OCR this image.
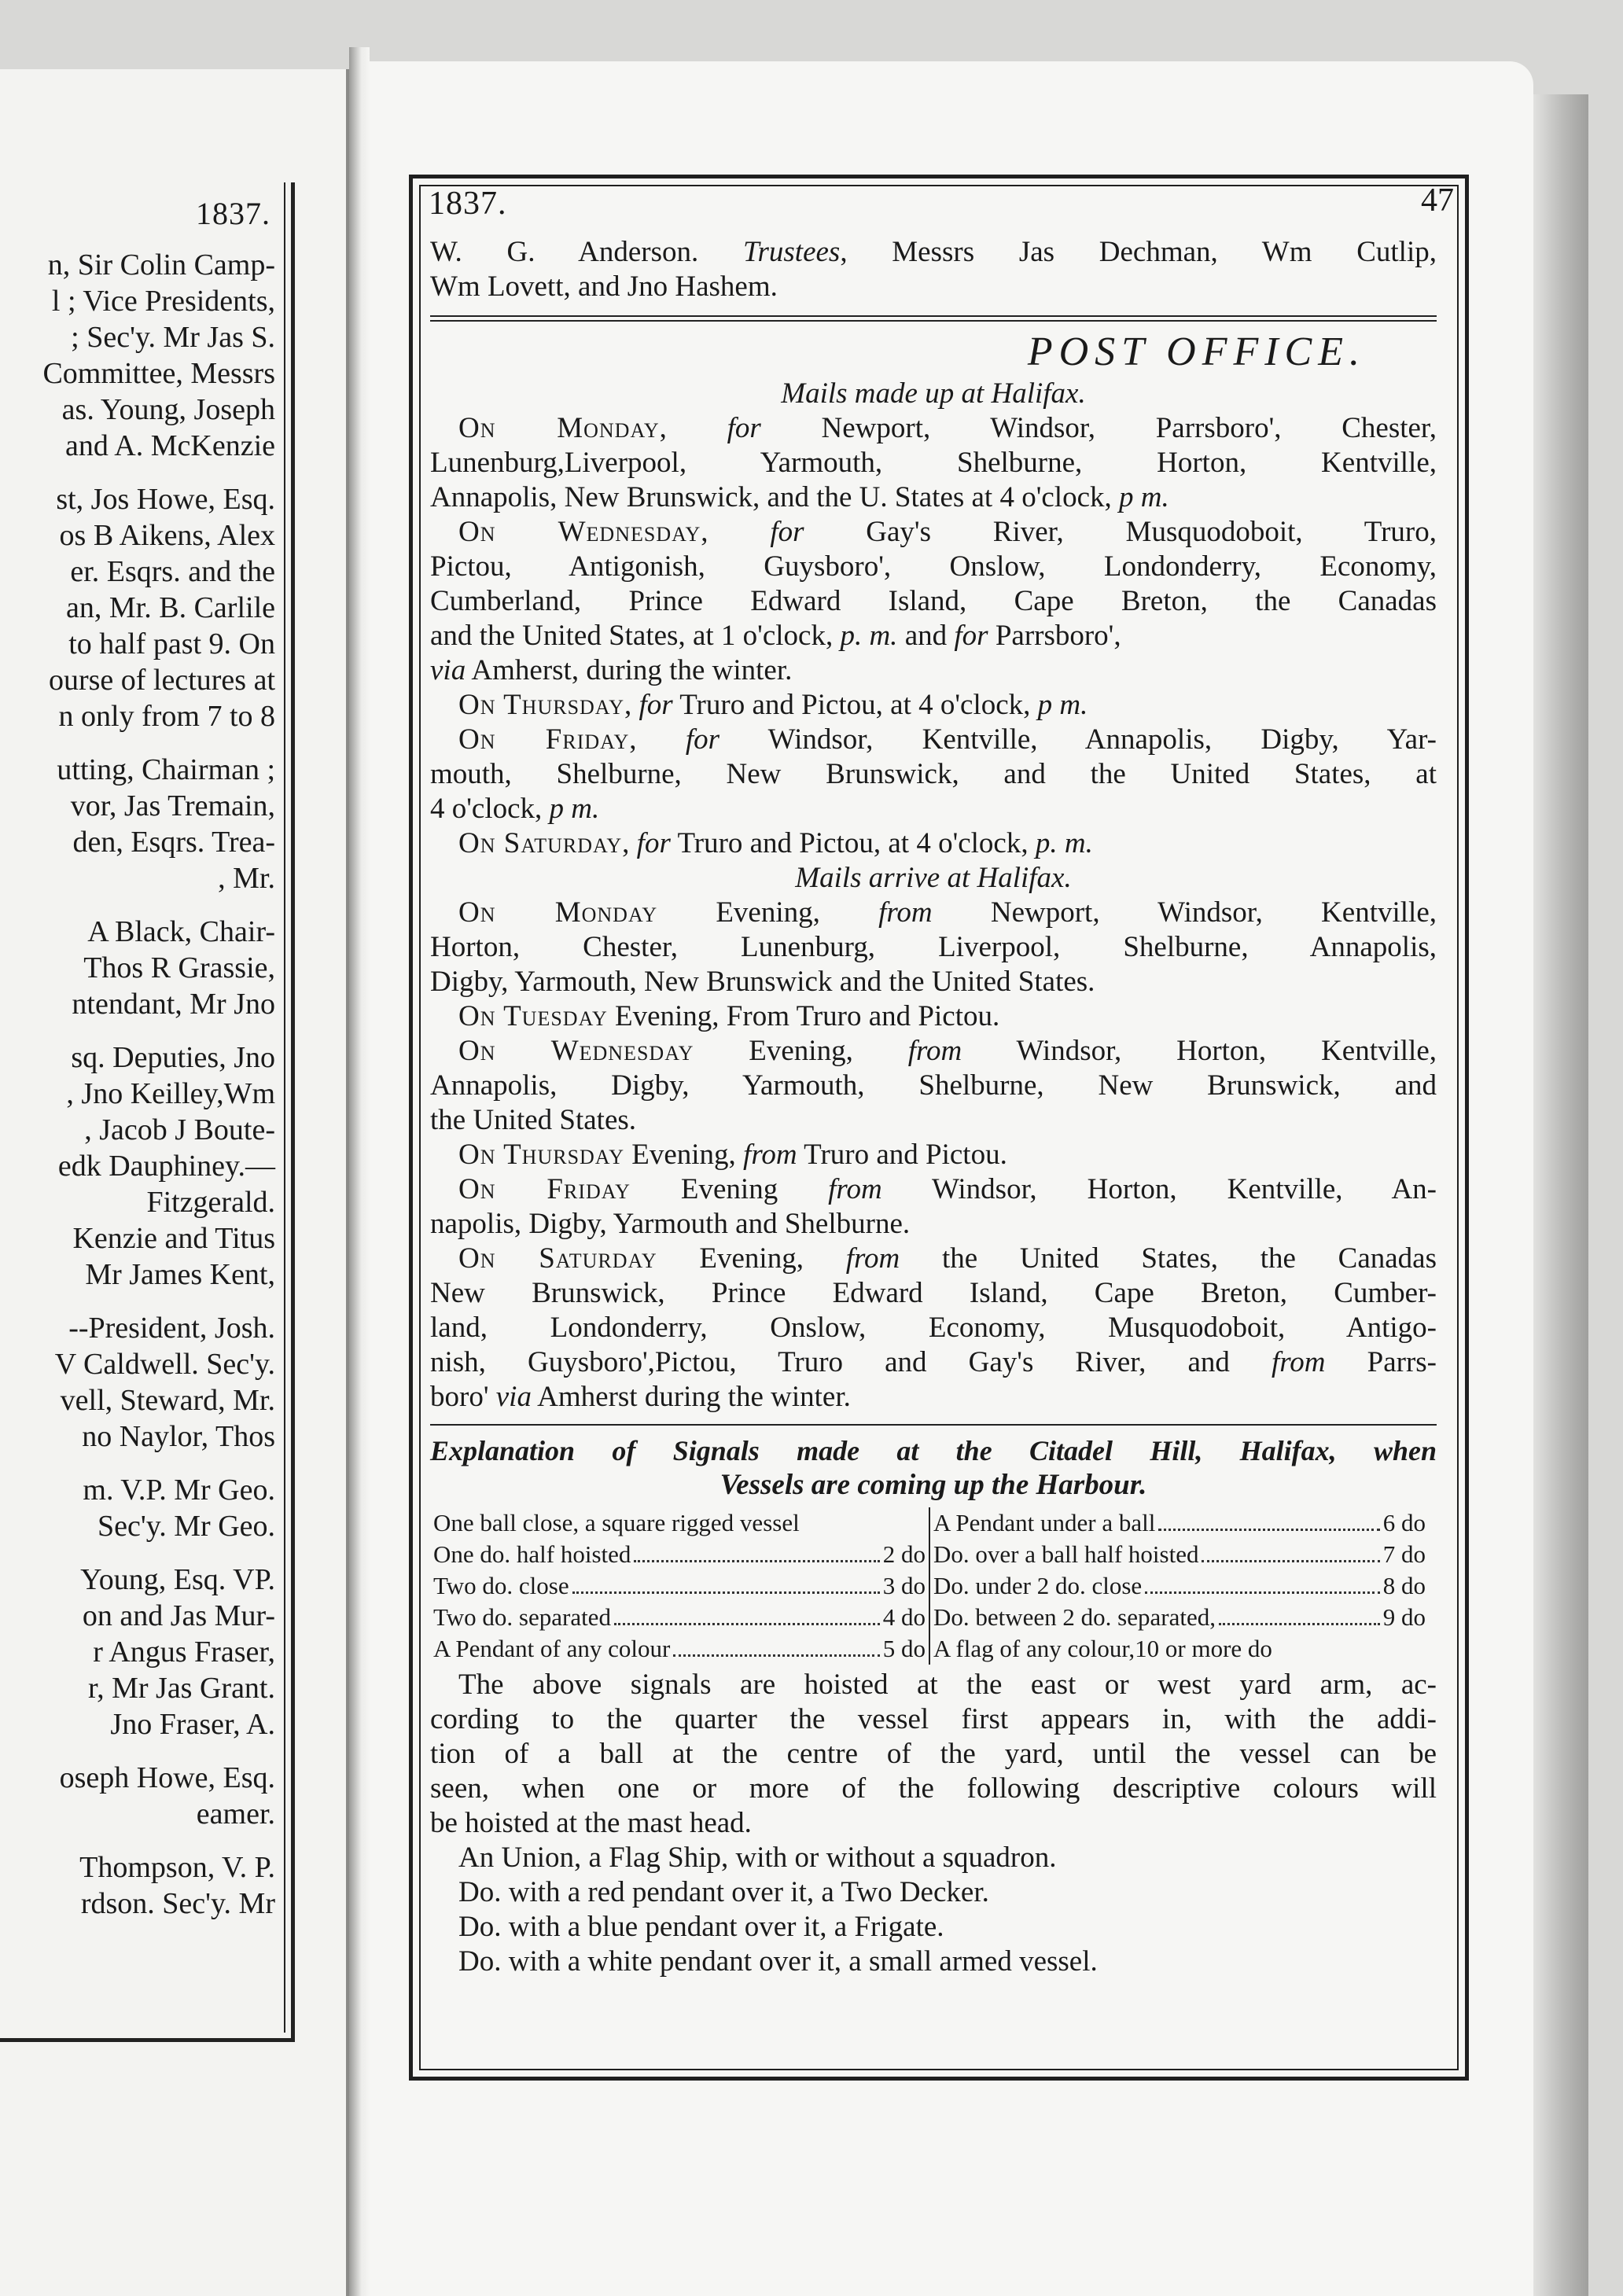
1837.
n, Sir Colin Camp-
l ; Vice Presidents,
; Sec'y. Mr Jas S.
Committee, Messrs
as. Young, Joseph
and A. McKenzie
st, Jos Howe, Esq.
os B Aikens, Alex
er. Esqrs. and the
an, Mr. B. Carlile
to half past 9. On
ourse of lectures at
n only from 7 to 8
utting, Chairman ;
vor, Jas Tremain,
den, Esqrs. Trea-
, Mr.
A Black, Chair-
Thos R Grassie,
ntendant, Mr Jno
sq. Deputies, Jno
, Jno Keilley,Wm
, Jacob J Boute-
edk Dauphiney.—
Fitzgerald.
Kenzie and Titus
Mr James Kent,
--President, Josh.
V Caldwell. Sec'y.
vell, Steward, Mr.
no Naylor, Thos
m. V.P. Mr Geo.
Sec'y. Mr Geo.
Young, Esq. VP.
on and Jas Mur-
r Angus Fraser,
r, Mr Jas Grant.
Jno Fraser, A.
oseph Howe, Esq.
eamer.
Thompson, V. P.
rdson. Sec'y. Mr
1837.	47
W. G. Anderson. Trustees, Messrs Jas Dechman, Wm Cutlip,
Wm Lovett, and Jno Hashem.
POST OFFICE.
Mails made up at Halifax.
On Monday, for Newport, Windsor, Parrsboro', Chester,
Lunenburg,Liverpool, Yarmouth, Shelburne, Horton, Kentville,
Annapolis, New Brunswick, and the U. States at 4 o'clock, p m.
On Wednesday, for Gay's River, Musquodoboit, Truro,
Pictou, Antigonish, Guysboro', Onslow, Londonderry, Economy,
Cumberland, Prince Edward Island, Cape Breton, the Canadas
and the United States, at 1 o'clock, p. m. and for Parrsboro',
via Amherst, during the winter.
On Thursday, for Truro and Pictou, at 4 o'clock, p m.
On Friday, for Windsor, Kentville, Annapolis, Digby, Yar-
mouth, Shelburne, New Brunswick, and the United States, at
4 o'clock, p m.
On Saturday, for Truro and Pictou, at 4 o'clock, p. m.
Mails arrive at Halifax.
On Monday Evening, from Newport, Windsor, Kentville,
Horton, Chester, Lunenburg, Liverpool, Shelburne, Annapolis,
Digby, Yarmouth, New Brunswick and the United States.
On Tuesday Evening, From Truro and Pictou.
On Wednesday Evening, from Windsor, Horton, Kentville,
Annapolis, Digby, Yarmouth, Shelburne, New Brunswick, and
the United States.
On Thursday Evening, from Truro and Pictou.
On Friday Evening from Windsor, Horton, Kentville, An-
napolis, Digby, Yarmouth and Shelburne.
On Saturday Evening, from the United States, the Canadas
New Brunswick, Prince Edward Island, Cape Breton, Cumber-
land, Londonderry, Onslow, Economy, Musquodoboit, Antigo-
nish, Guysboro',Pictou, Truro and Gay's River, and from Parrs-
boro' via Amherst during the winter.
Explanation of Signals made at the Citadel Hill, Halifax, when
Vessels are coming up the Harbour.
One ball close, a square rigged vessel	A Pendant under a ball 6 do

One do. half hoisted 2 do	Do. over a ball half hoisted 7 do

Two do. close 3 do	Do. under 2 do. close 8 do

Two do. separated 4 do	Do. between 2 do. separated, 9 do

A Pendant of any colour 5 do	A flag of any colour,10 or more do
The above signals are hoisted at the east or west yard arm, ac-
cording to the quarter the vessel first appears in, with the addi-
tion of a ball at the centre of the yard, until the vessel can be
seen, when one or more of the following descriptive colours will
be hoisted at the mast head.
An Union, a Flag Ship, with or without a squadron.
Do. with a red pendant over it, a Two Decker.
Do. with a blue pendant over it, a Frigate.
Do. with a white pendant over it, a small armed vessel.
